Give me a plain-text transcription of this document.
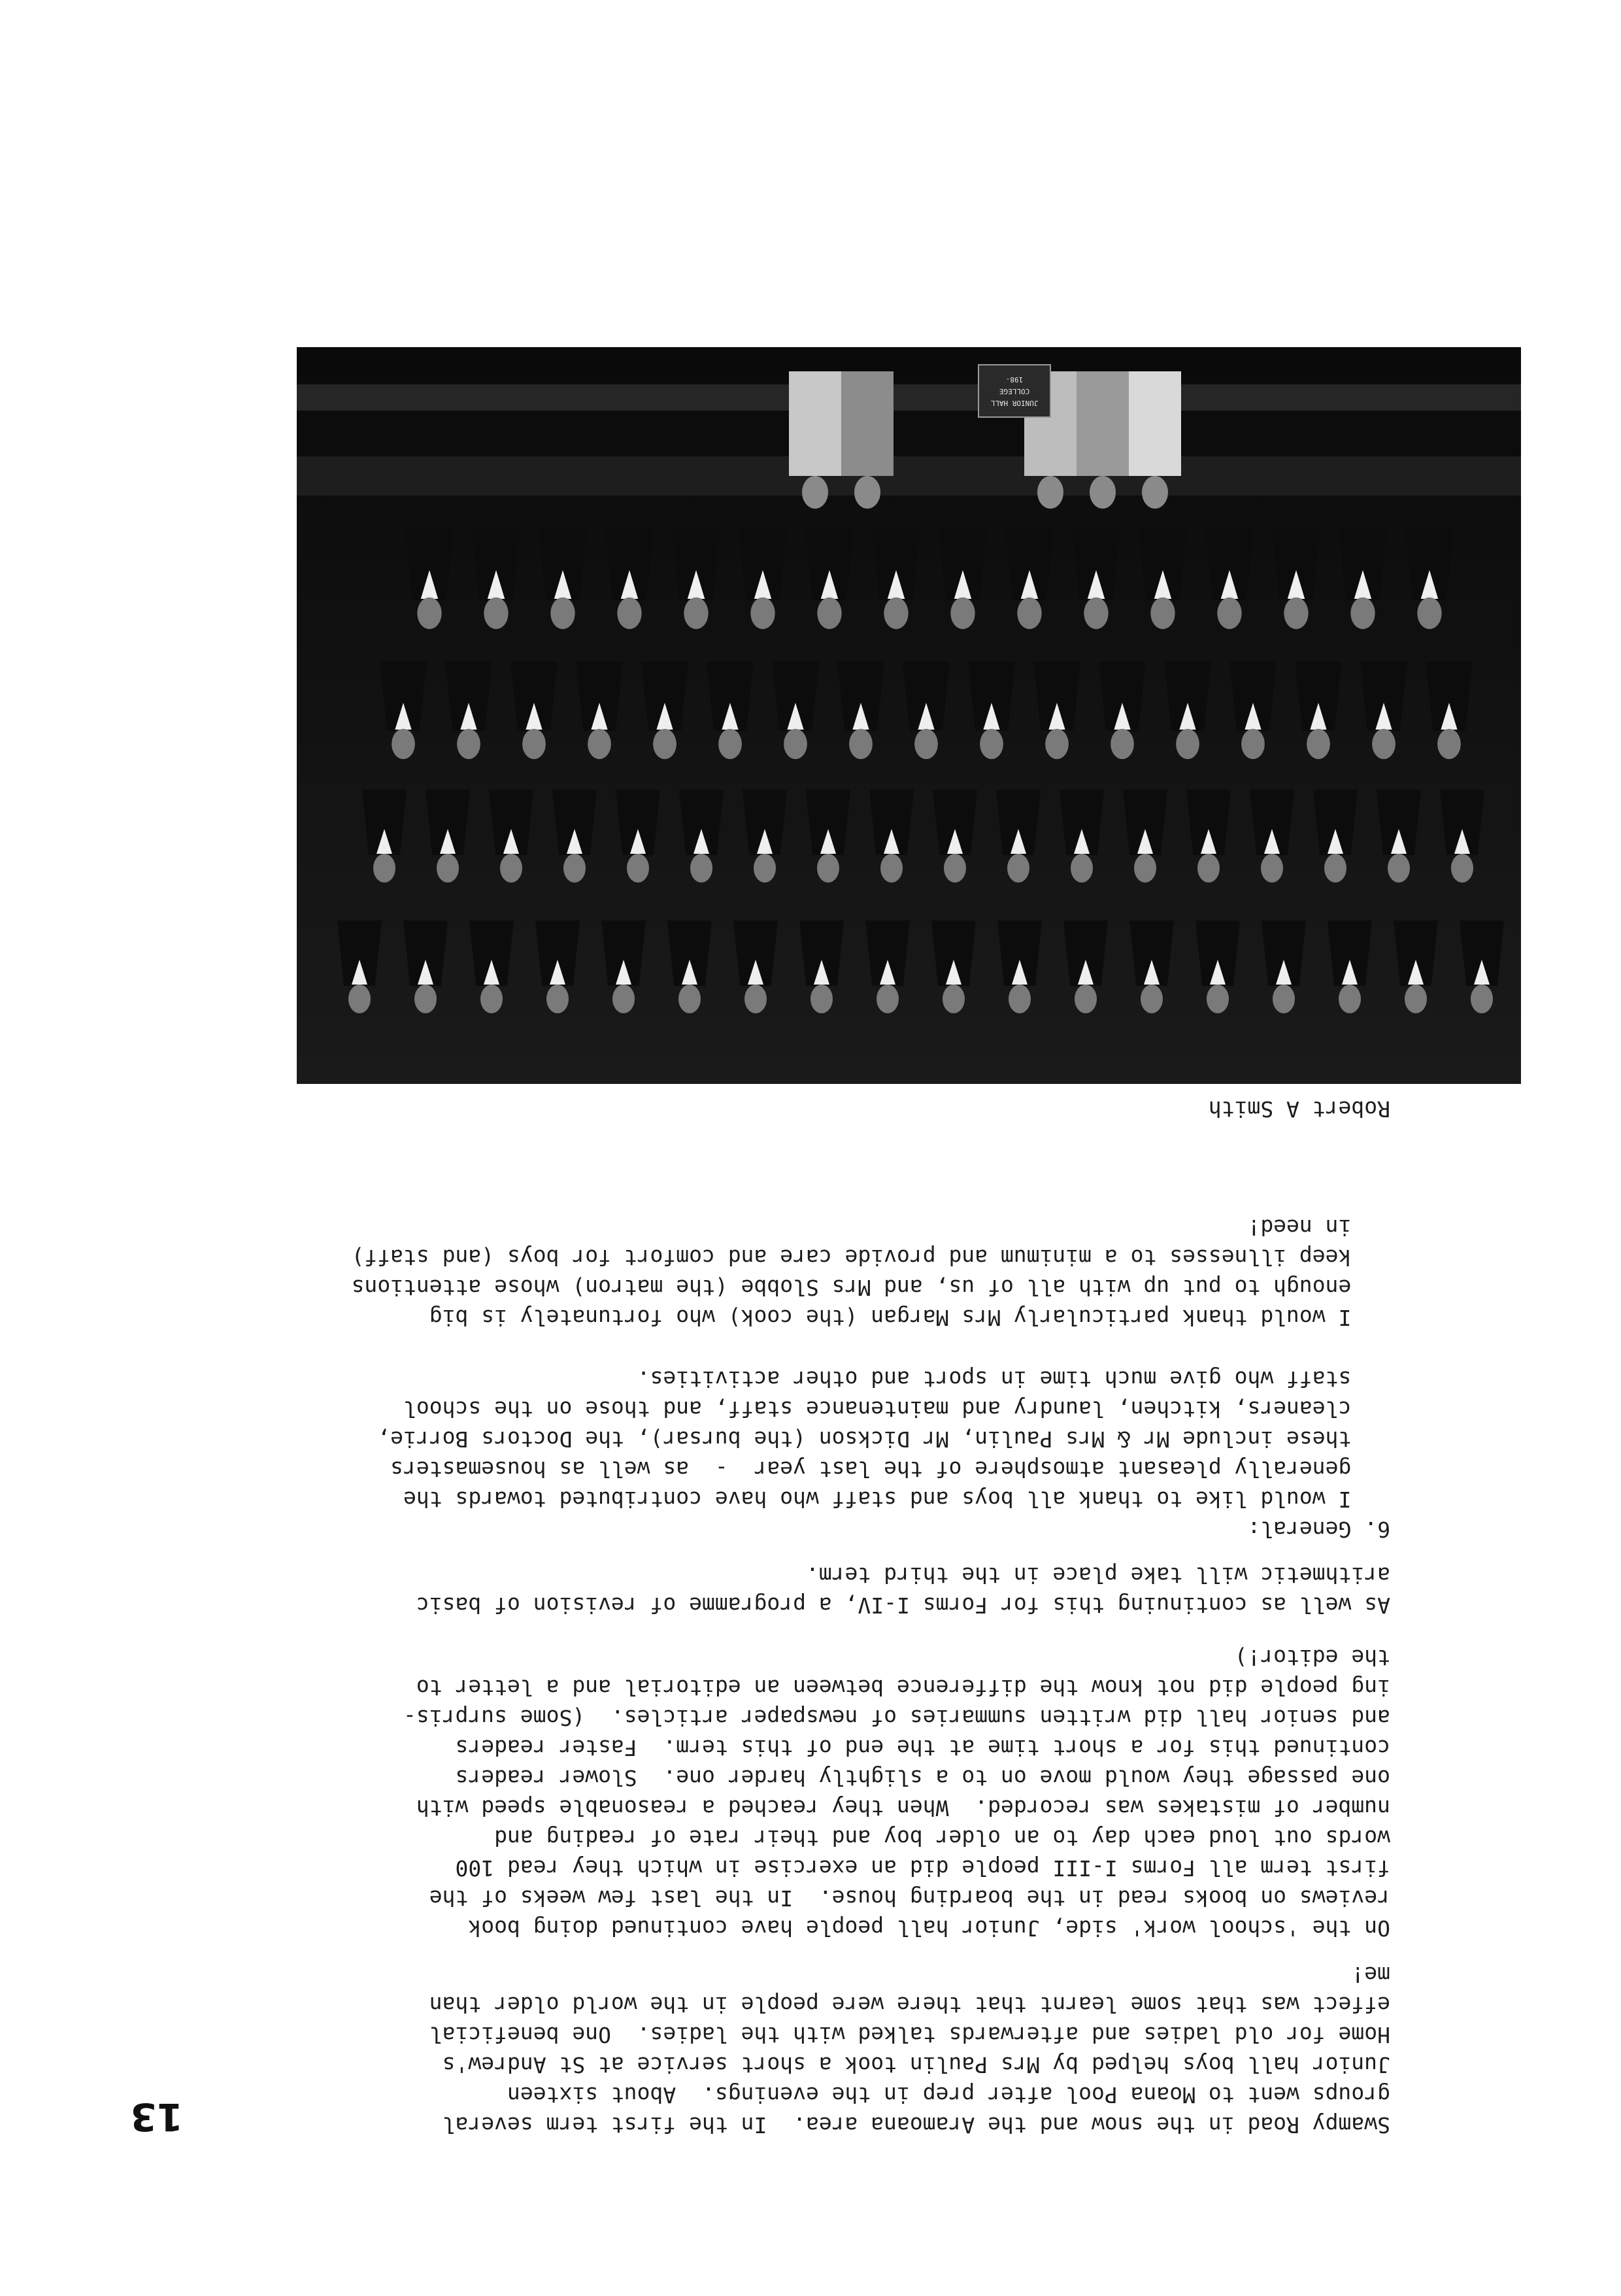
Swampy Road in the snow and the Aramoana area.  In the first term several
groups went to Moana Pool after prep in the evenings.  About sixteen
Junior hall boys helped by Mrs Paulin took a short service at St Andrew's
Home for old ladies and afterwards talked with the ladies.  One beneficial
effect was that some learnt that there were people in the world older than
me!
On the 'school work' side, Junior hall people have continued doing book
reviews on books read in the boarding house.  In the last few weeks of the
first term all Forms I-III people did an exercise in which they read 100
words out loud each day to an older boy and their rate of reading and
number of mistakes was recorded.  When they reached a reasonable speed with
one passage they would move on to a slightly harder one.  Slower readers
continued this for a short time at the end of this term.  Faster readers
and senior hall did written summaries of newspaper articles.  (Some surpris-
ing people did not know the difference between an editorial and a letter to
the editor!)
As well as continuing this for Forms I-IV, a programme of revision of basic
arithmetic will take place in the third term.
6. General:
I would like to thank all boys and staff who have contributed towards the
generally pleasant atmosphere of the last year  -  as well as housemasters
these include Mr & Mrs Paulin, Mr Dickson (the bursar), the Doctors Borrie,
cleaners, kitchen, laundry and maintenance staff, and those on the school
staff who give much time in sport and other activities.
I would thank particularly Mrs Margan (the cook) who fortunately is big
enough to put up with all of us, and Mrs Slobbe (the matron) whose attentions
keep illnesses to a minimum and provide care and comfort for boys (and staff)
in need!
Robert A Smith
JUNIOR HALL
COLLEGE
198-
13
